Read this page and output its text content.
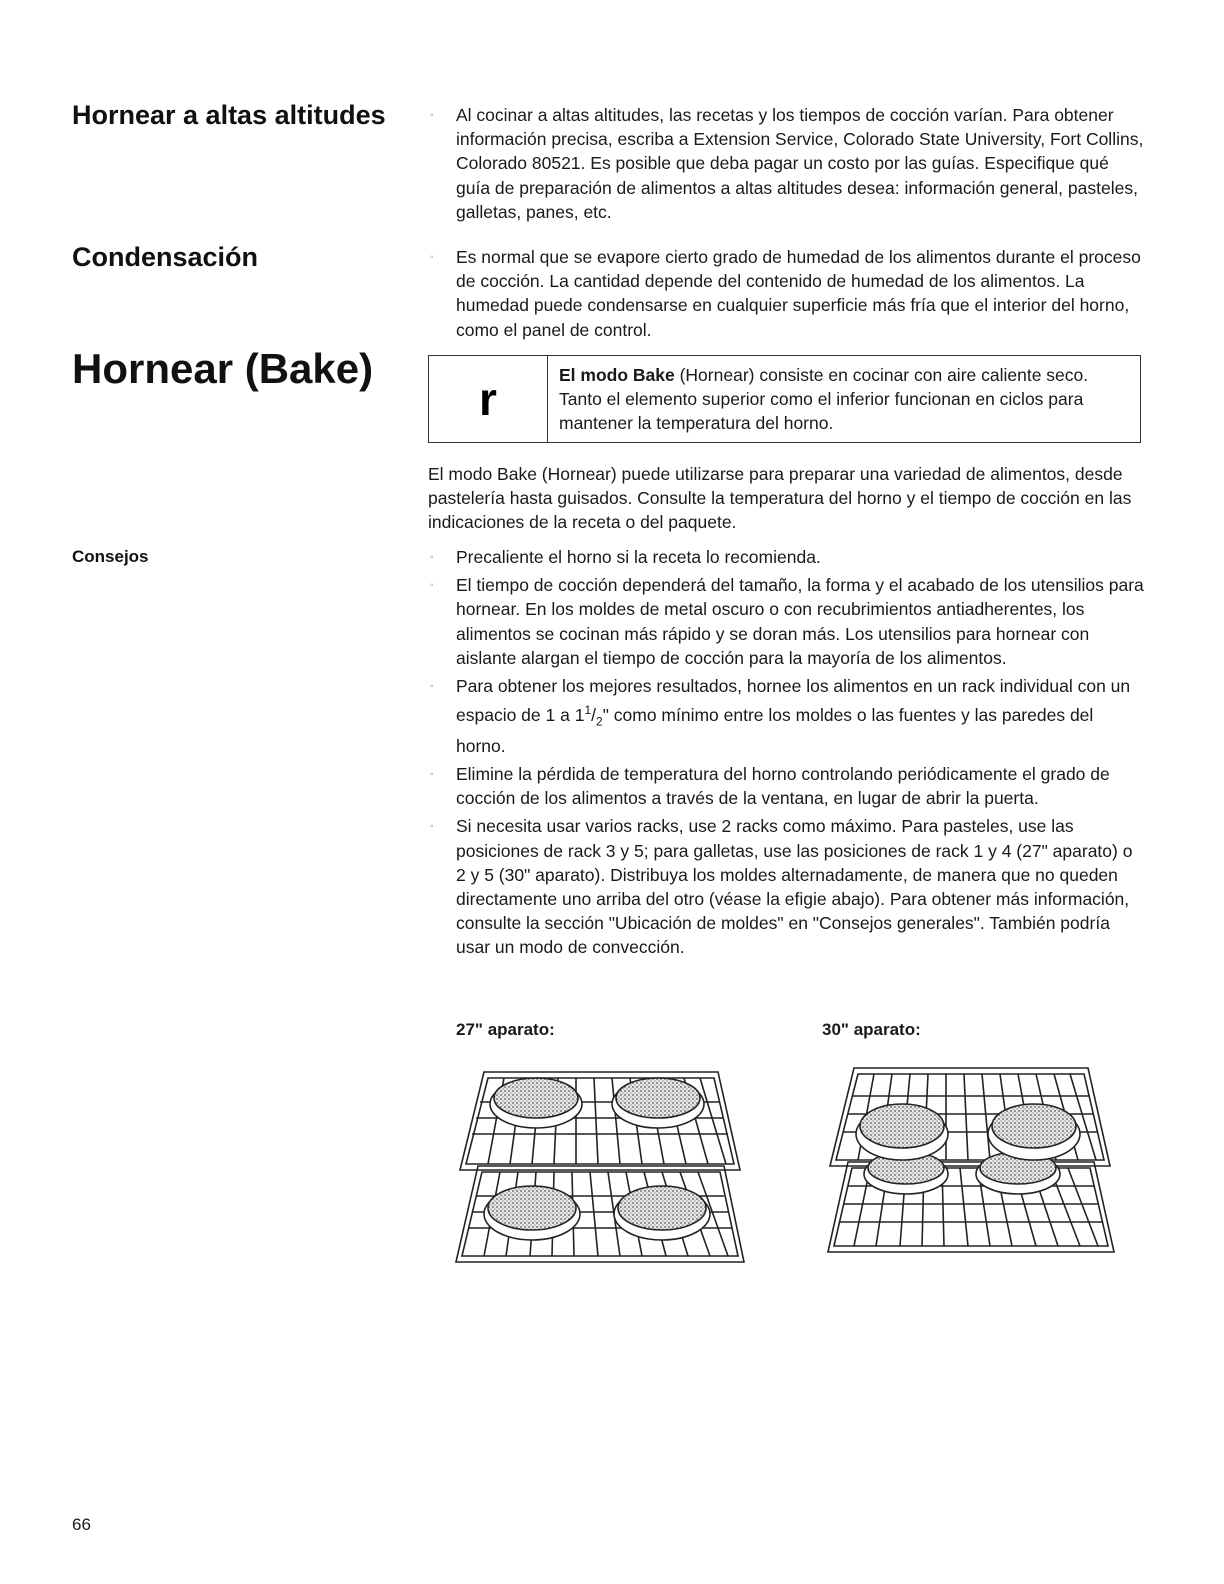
Hornear a altas altitudes
Condensación
Hornear (Bake)
Consejos
◦ Al cocinar a altas altitudes, las recetas y los tiempos de cocción varían. Para obtener información precisa, escriba a Extension Service, Colorado State University, Fort Collins, Colorado 80521. Es posible que deba pagar un costo por las guías. Especifique qué guía de preparación de alimentos a altas altitudes desea: información general, pasteles, galletas, panes, etc.
◦ Es normal que se evapore cierto grado de humedad de los alimentos durante el proceso de cocción. La cantidad depende del contenido de humedad de los alimentos. La humedad puede condensarse en cualquier superficie más fría que el interior del horno, como el panel de control.
r	El modo Bake (Hornear) consiste en cocinar con aire caliente seco. Tanto el elemento superior como el inferior funcionan en ciclos para mantener la temperatura del horno.
El modo Bake (Hornear) puede utilizarse para preparar una variedad de alimentos, desde pastelería hasta guisados. Consulte la temperatura del horno y el tiempo de cocción en las indicaciones de la receta o del paquete.
◦ Precaliente el horno si la receta lo recomienda.
◦ El tiempo de cocción dependerá del tamaño, la forma y el acabado de los utensilios para hornear. En los moldes de metal oscuro o con recubrimientos antiadherentes, los alimentos se cocinan más rápido y se doran más. Los utensilios para hornear con aislante alargan el tiempo de cocción para la mayoría de los alimentos.
◦ Para obtener los mejores resultados, hornee los alimentos en un rack individual con un espacio de 1 a $1^1/_2$" como mínimo entre los moldes o las fuentes y las paredes del horno.
◦ Elimine la pérdida de temperatura del horno controlando periódicamente el grado de cocción de los alimentos a través de la ventana, en lugar de abrir la puerta.
◦ Si necesita usar varios racks, use 2 racks como máximo. Para pasteles, use las posiciones de rack 3 y 5; para galletas, use las posiciones de rack 1 y 4 (27" aparato) o 2 y 5 (30" aparato). Distribuya los moldes alternadamente, de manera que no queden directamente uno arriba del otro (véase la efigie abajo). Para obtener más información, consulte la sección "Ubicación de moldes" en "Consejos generales". También podría usar un modo de convección.
27" aparato:	30" aparato:
66
